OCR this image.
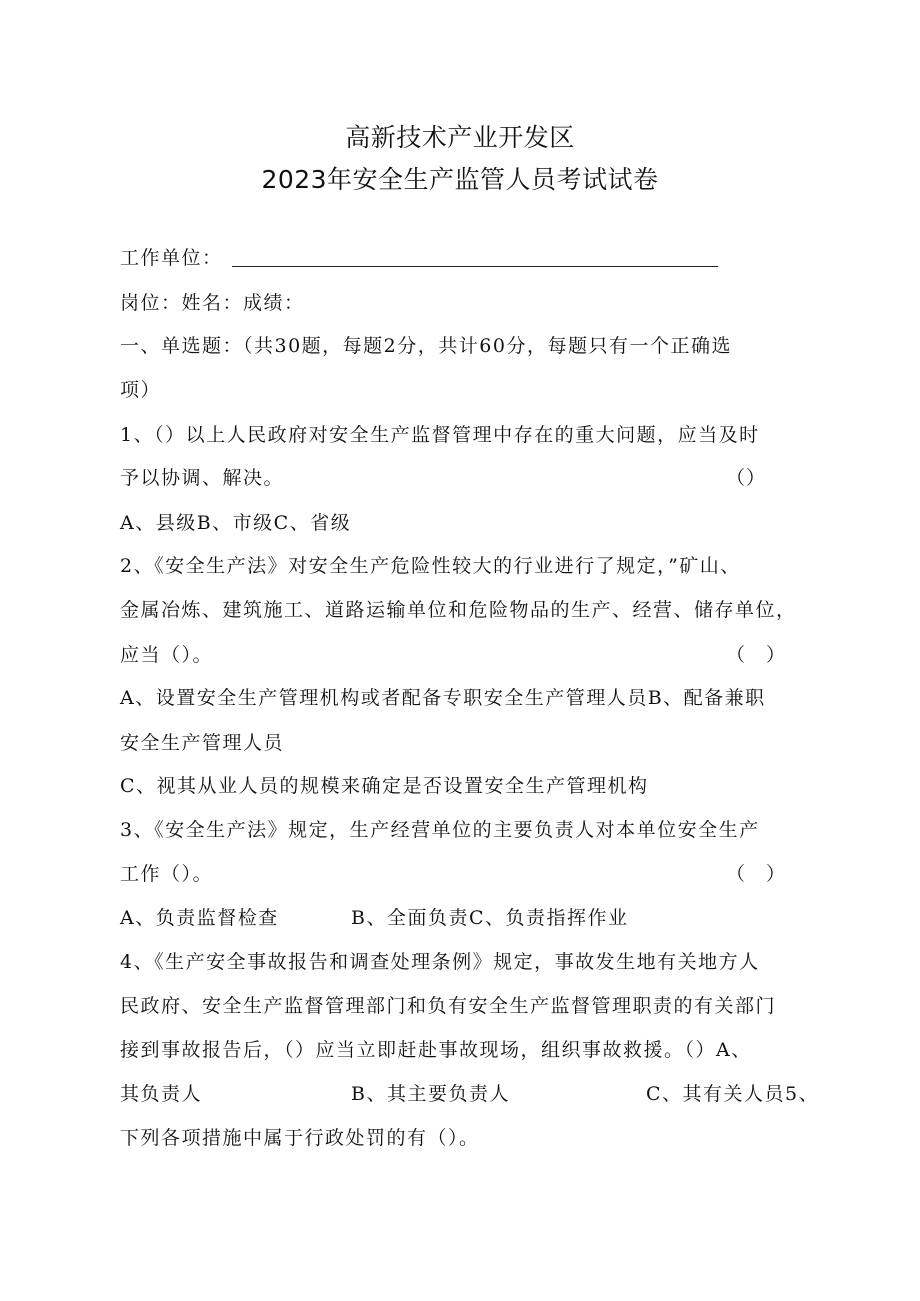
高新技术产业开发区
2023年安全生产监管人员考试试卷
工作单位：
岗位：姓名：成绩：
一、单选题：（共30题，每题2分，共计60分，每题只有一个正确选
项）
1、（）以上人民政府对安全生产监督管理中存在的重大问题，应当及时
予以协调、解决。	（）
A、县级B、市级C、省级
2、《安全生产法》对安全生产危险性较大的行业进行了规定，”矿山、
金属冶炼、建筑施工、道路运输单位和危险物品的生产、经营、储存单位，
应当（）。	（　）
A、设置安全生产管理机构或者配备专职安全生产管理人员B、配备兼职
安全生产管理人员
C、视其从业人员的规模来确定是否设置安全生产管理机构
3、《安全生产法》规定，生产经营单位的主要负责人对本单位安全生产
工作（）。	（　）
A、负责监督检查	B、全面负责C、负责指挥作业
4、《生产安全事故报告和调查处理条例》规定，事故发生地有关地方人
民政府、安全生产监督管理部门和负有安全生产监督管理职责的有关部门
接到事故报告后，（）应当立即赶赴事故现场，组织事故救援。（）A、
其负责人	B、其主要负责人	C、其有关人员5、
下列各项措施中属于行政处罚的有（）。
